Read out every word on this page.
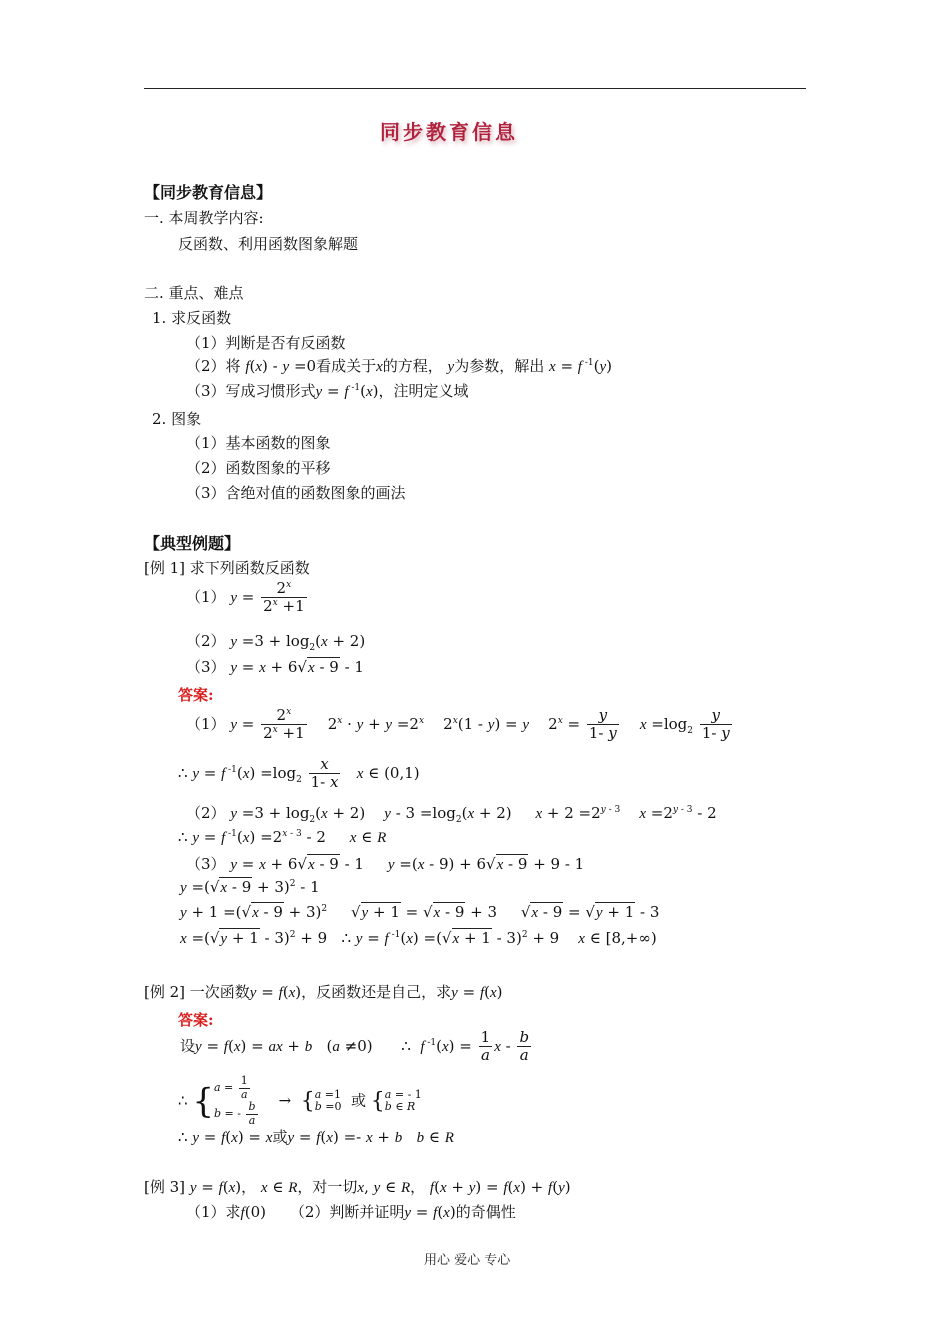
同步教育信息
【同步教育信息】
一. 本周教学内容:
反函数、利用函数图象解题
二. 重点、难点
1. 求反函数
（1）判断是否有反函数
（2）将 f(x) - y =0看成关于x的方程， y为参数，解出 x = f $^{-1}$(y)
（3）写成习惯形式y = f $^{-1}$(x)，注明定义域
2. 图象
（1）基本函数的图象
（2）函数图象的平移
（3）含绝对值的函数图象的画法
【典型例题】
[例 1] 求下列函数反函数
（1） $y = \frac{2^x}{2^x +1}$
（2） $y =3 + \log_2(x + 2)$
（3） y = x + 6√x - 9 - 1
答案:
（1） $y = \frac{2^x}{2^x +1} 2^x \cdot y + y =2^x$    2$^x$(1 - y) = y    $2^x = \frac{y}{1- y}$ $x =\log_2 \frac{y}{1- y}$
∴ y = f $^{-1}(x) =\log_2 \frac{x}{1- x}$ x ∈ (0,1)
（2） $y =3 + \log_2(x + 2)$    $y - 3 =\log_2(x + 2)$     $x + 2 =2^{y - 3}$ $x =2^{y - 3} - 2$
∴ y = f $^{-1}(x) =2^{x - 3} - 2$     x ∈ R
（3） y = x + 6√x - 9 - 1     y =(x - 9) + 6√x - 9 + 9 - 1
$y =(√x - 9 + 3)^2 - 1$
$y + 1 =(√x - 9 + 3)^2$     √y + 1 = √x - 9 + 3     √x - 9 = √y + 1 - 3
$x =(√y + 1 - 3)^2 + 9$   ∴ y = f $^{-1}(x) =(√x + 1 - 3)^2 + 9$    x ∈ [8,+∞)
[例 2] 一次函数y = f(x)，反函数还是自己，求y = f(x)
答案:
设y = f(x) = ax + b   (a ≠0)      ∴  f $^{-1}(x) = \frac{1}{a}$ x - $\frac{b}{a}$
∴ {$a = \frac{1}{a}$

b = - $\frac{b}{a}$
→  {a =1
b =0 或 {a = - 1
b ∈ R
∴ y = f(x) = x或y = f(x) =- x + b b ∈ R
[例 3] y = f(x)， x ∈ R，对一切x, y ∈ R， f(x + y) = f(x) + f(y)
（1）求f(0)     （2）判断并证明y = f(x)的奇偶性
用心 爱心 专心
